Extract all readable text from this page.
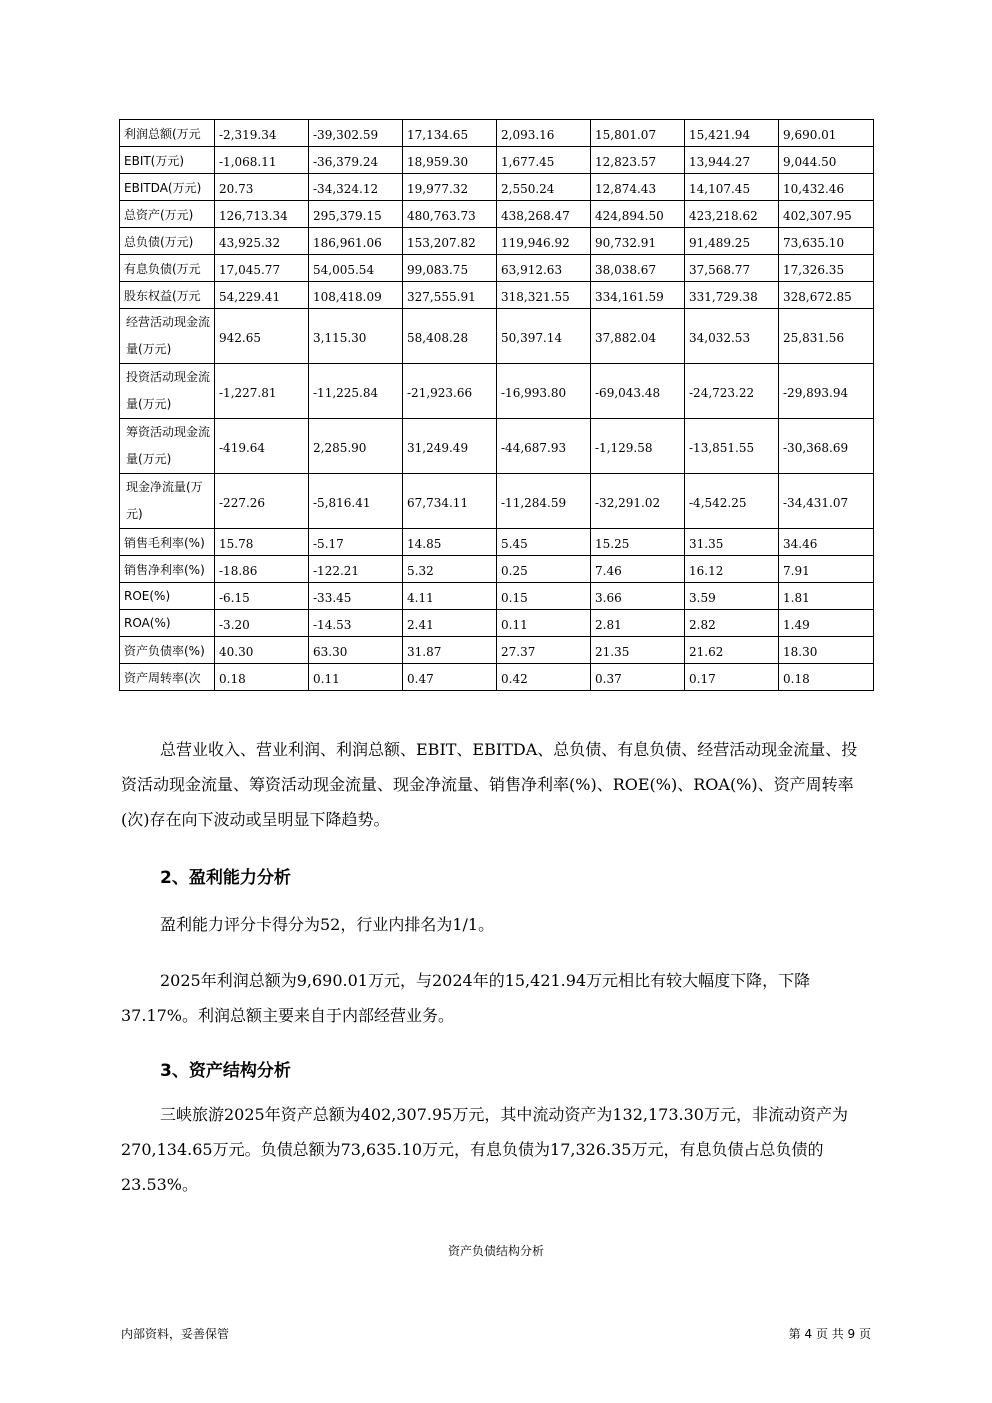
利润总额(万元	-2,319.34	-39,302.59	17,134.65	2,093.16	15,801.07	15,421.94	9,690.01
EBIT(万元)	-1,068.11	-36,379.24	18,959.30	1,677.45	12,823.57	13,944.27	9,044.50
EBITDA(万元)	20.73	-34,324.12	19,977.32	2,550.24	12,874.43	14,107.45	10,432.46
总资产(万元)	126,713.34	295,379.15	480,763.73	438,268.47	424,894.50	423,218.62	402,307.95
总负债(万元)	43,925.32	186,961.06	153,207.82	119,946.92	90,732.91	91,489.25	73,635.10
有息负债(万元	17,045.77	54,005.54	99,083.75	63,912.63	38,038.67	37,568.77	17,326.35
股东权益(万元	54,229.41	108,418.09	327,555.91	318,321.55	334,161.59	331,729.38	328,672.85
经营活动现金流量(万元)	942.65	3,115.30	58,408.28	50,397.14	37,882.04	34,032.53	25,831.56
投资活动现金流量(万元)	-1,227.81	-11,225.84	-21,923.66	-16,993.80	-69,043.48	-24,723.22	-29,893.94
筹资活动现金流量(万元)	-419.64	2,285.90	31,249.49	-44,687.93	-1,129.58	-13,851.55	-30,368.69
现金净流量(万元)	-227.26	-5,816.41	67,734.11	-11,284.59	-32,291.02	-4,542.25	-34,431.07
销售毛利率(%)	15.78	-5.17	14.85	5.45	15.25	31.35	34.46
销售净利率(%)	-18.86	-122.21	5.32	0.25	7.46	16.12	7.91
ROE(%)	-6.15	-33.45	4.11	0.15	3.66	3.59	1.81
ROA(%)	-3.20	-14.53	2.41	0.11	2.81	2.82	1.49
资产负债率(%)	40.30	63.30	31.87	27.37	21.35	21.62	18.30
资产周转率(次	0.18	0.11	0.47	0.42	0.37	0.17	0.18
总营业收入、营业利润、利润总额、EBIT、EBITDA、总负债、有息负债、经营活动现金流量、投资活动现金流量、筹资活动现金流量、现金净流量、销售净利率(%)、ROE(%)、ROA(%)、资产周转率(次)存在向下波动或呈明显下降趋势。
2、盈利能力分析
盈利能力评分卡得分为52，行业内排名为1/1。
2025年利润总额为9,690.01万元，与2024年的15,421.94万元相比有较大幅度下降，下降37.17%。利润总额主要来自于内部经营业务。
3、资产结构分析
三峡旅游2025年资产总额为402,307.95万元，其中流动资产为132,173.30万元，非流动资产为270,134.65万元。负债总额为73,635.10万元，有息负债为17,326.35万元，有息负债占总负债的23.53%。
资产负债结构分析
内部资料，妥善保管	第 4 页 共 9 页
